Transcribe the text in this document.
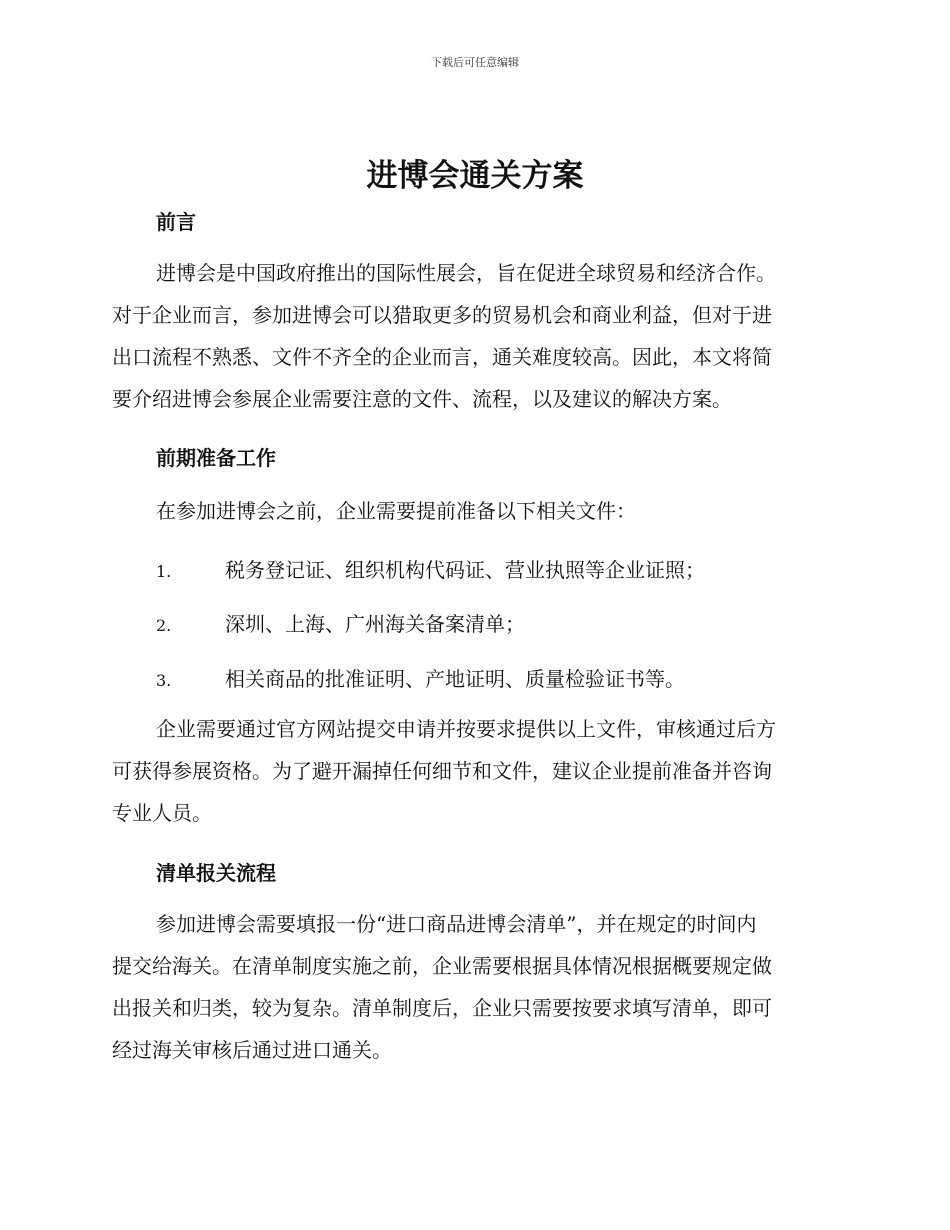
下载后可任意编辑
进博会通关方案
前言

进博会是中国政府推出的国际性展会，旨在促进全球贸易和经济合作。
对于企业而言，参加进博会可以猎取更多的贸易机会和商业利益，但对于进
出口流程不熟悉、文件不齐全的企业而言，通关难度较高。因此，本文将简
要介绍进博会参展企业需要注意的文件、流程，以及建议的解决方案。

前期准备工作

在参加进博会之前，企业需要提前准备以下相关文件：

1.	税务登记证、组织机构代码证、营业执照等企业证照；
2.	深圳、上海、广州海关备案清单；
3.	相关商品的批准证明、产地证明、质量检验证书等。

企业需要通过官方网站提交申请并按要求提供以上文件，审核通过后方
可获得参展资格。为了避开漏掉任何细节和文件，建议企业提前准备并咨询
专业人员。

清单报关流程

参加进博会需要填报一份“进口商品进博会清单”，并在规定的时间内
提交给海关。在清单制度实施之前，企业需要根据具体情况根据概要规定做
出报关和归类，较为复杂。清单制度后，企业只需要按要求填写清单，即可
经过海关审核后通过进口通关。
